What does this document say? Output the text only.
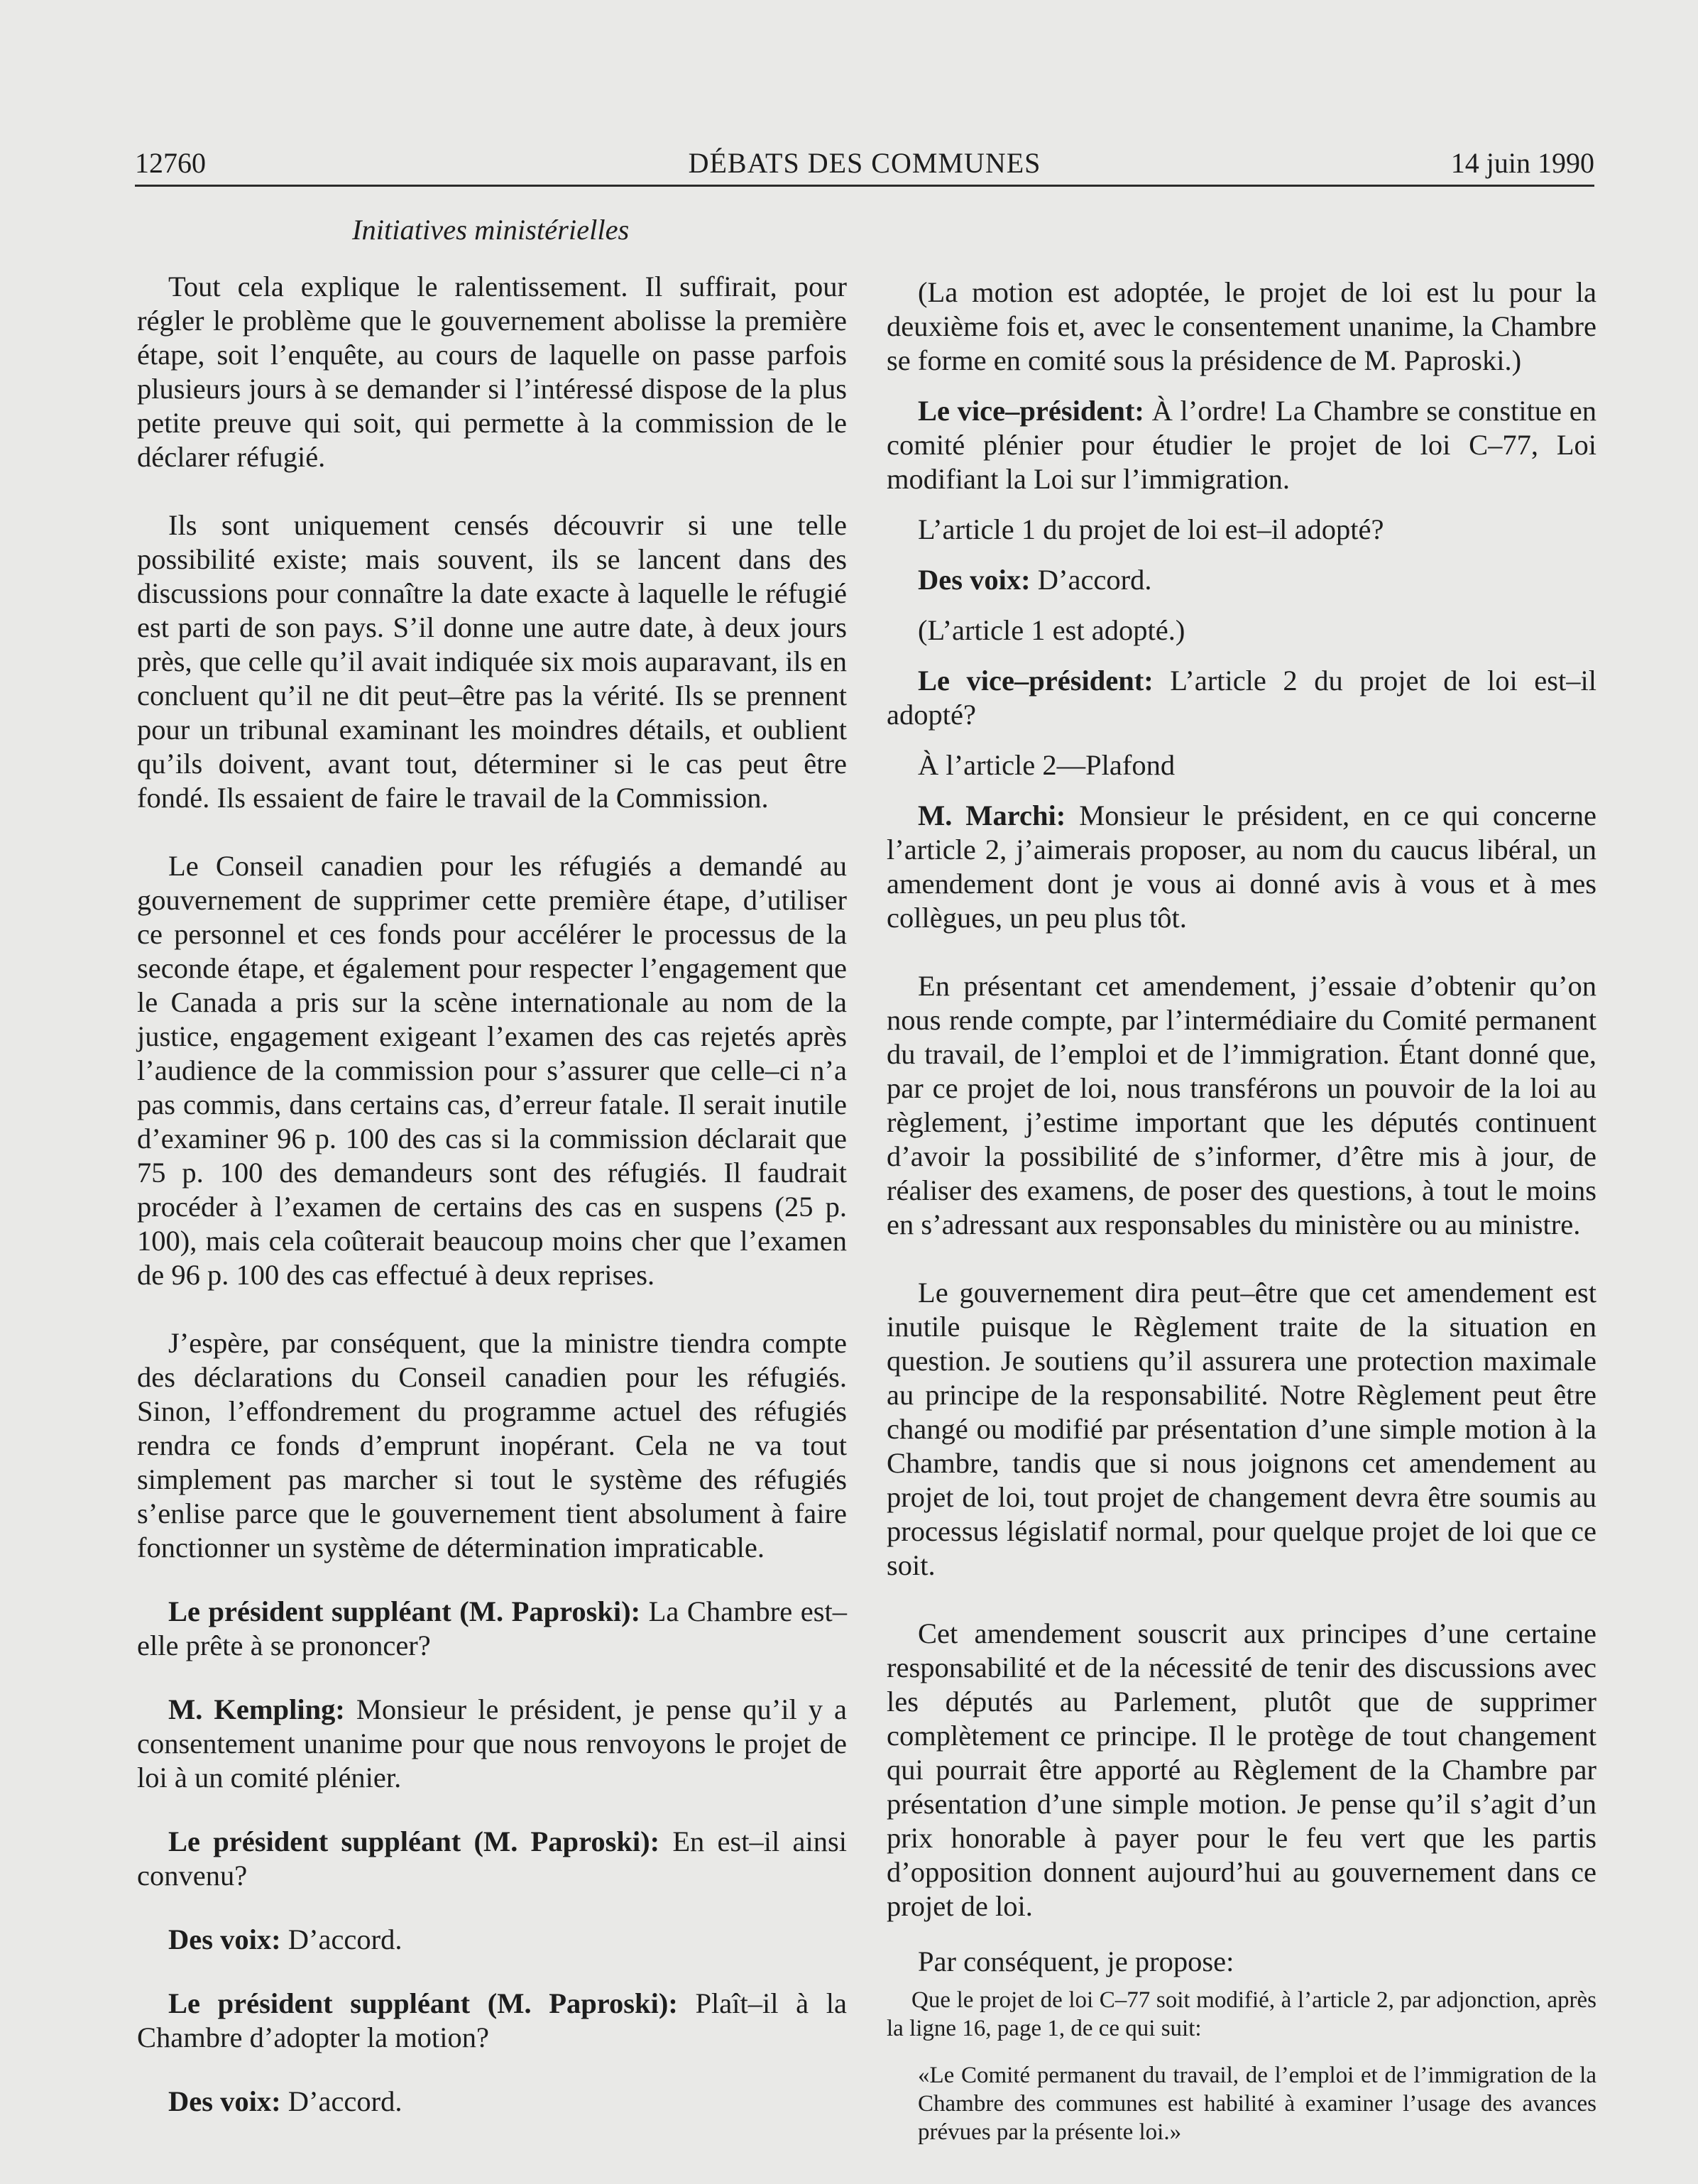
12760	DÉBATS DES COMMUNES	14 juin 1990
Initiatives ministérielles

Tout cela explique le ralentissement. Il suffirait, pour régler le problème que le gouvernement abolisse la première étape, soit l’enquête, au cours de laquelle on passe parfois plusieurs jours à se demander si l’intéressé dispose de la plus petite preuve qui soit, qui permette à la commission de le déclarer réfugié.

Ils sont uniquement censés découvrir si une telle possibilité existe; mais souvent, ils se lancent dans des discussions pour connaître la date exacte à laquelle le réfugié est parti de son pays. S’il donne une autre date, à deux jours près, que celle qu’il avait indiquée six mois auparavant, ils en concluent qu’il ne dit peut–être pas la vérité. Ils se prennent pour un tribunal examinant les moindres détails, et oublient qu’ils doivent, avant tout, déterminer si le cas peut être fondé. Ils essaient de faire le travail de la Commission.

Le Conseil canadien pour les réfugiés a demandé au gouvernement de supprimer cette première étape, d’utiliser ce personnel et ces fonds pour accélérer le processus de la seconde étape, et également pour respecter l’engagement que le Canada a pris sur la scène internationale au nom de la justice, engagement exigeant l’examen des cas rejetés après l’audience de la commission pour s’assurer que celle–ci n’a pas commis, dans certains cas, d’erreur fatale. Il serait inutile d’examiner 96 p. 100 des cas si la commission déclarait que 75 p. 100 des demandeurs sont des réfugiés. Il faudrait procéder à l’examen de certains des cas en suspens (25 p. 100), mais cela coûterait beaucoup moins cher que l’examen de 96 p. 100 des cas effectué à deux reprises.

J’espère, par conséquent, que la ministre tiendra compte des déclarations du Conseil canadien pour les réfugiés. Sinon, l’effondrement du programme actuel des réfugiés rendra ce fonds d’emprunt inopérant. Cela ne va tout simplement pas marcher si tout le système des réfugiés s’enlise parce que le gouvernement tient absolument à faire fonctionner un système de détermination impraticable.

Le président suppléant (M. Paproski): La Chambre est–elle prête à se prononcer?

M. Kempling: Monsieur le président, je pense qu’il y a consentement unanime pour que nous renvoyons le projet de loi à un comité plénier.

Le président suppléant (M. Paproski): En est–il ainsi convenu?

Des voix: D’accord.

Le président suppléant (M. Paproski): Plaît–il à la Chambre d’adopter la motion?

Des voix: D’accord.

(La motion est adoptée, le projet de loi est lu pour la deuxième fois et, avec le consentement unanime, la Chambre se forme en comité sous la présidence de M. Paproski.)

Le vice–président: À l’ordre! La Chambre se constitue en comité plénier pour étudier le projet de loi C–77, Loi modifiant la Loi sur l’immigration.

L’article 1 du projet de loi est–il adopté?

Des voix: D’accord.

(L’article 1 est adopté.)

Le vice–président: L’article 2 du projet de loi est–il adopté?

À l’article 2—Plafond

M. Marchi: Monsieur le président, en ce qui concerne l’article 2, j’aimerais proposer, au nom du caucus libéral, un amendement dont je vous ai donné avis à vous et à mes collègues, un peu plus tôt.

En présentant cet amendement, j’essaie d’obtenir qu’on nous rende compte, par l’intermédiaire du Comité permanent du travail, de l’emploi et de l’immigration. Étant donné que, par ce projet de loi, nous transférons un pouvoir de la loi au règlement, j’estime important que les députés continuent d’avoir la possibilité de s’informer, d’être mis à jour, de réaliser des examens, de poser des questions, à tout le moins en s’adressant aux responsables du ministère ou au ministre.

Le gouvernement dira peut–être que cet amendement est inutile puisque le Règlement traite de la situation en question. Je soutiens qu’il assurera une protection maximale au principe de la responsabilité. Notre Règlement peut être changé ou modifié par présentation d’une simple motion à la Chambre, tandis que si nous joignons cet amendement au projet de loi, tout projet de changement devra être soumis au processus législatif normal, pour quelque projet de loi que ce soit.

Cet amendement souscrit aux principes d’une certaine responsabilité et de la nécessité de tenir des discussions avec les députés au Parlement, plutôt que de supprimer complètement ce principe. Il le protège de tout changement qui pourrait être apporté au Règlement de la Chambre par présentation d’une simple motion. Je pense qu’il s’agit d’un prix honorable à payer pour le feu vert que les partis d’opposition donnent aujourd’hui au gouvernement dans ce projet de loi.

Par conséquent, je propose:

Que le projet de loi C–77 soit modifié, à l’article 2, par adjonction, après la ligne 16, page 1, de ce qui suit:

«Le Comité permanent du travail, de l’emploi et de l’immigration de la Chambre des communes est habilité à examiner l’usage des avances prévues par la présente loi.»
